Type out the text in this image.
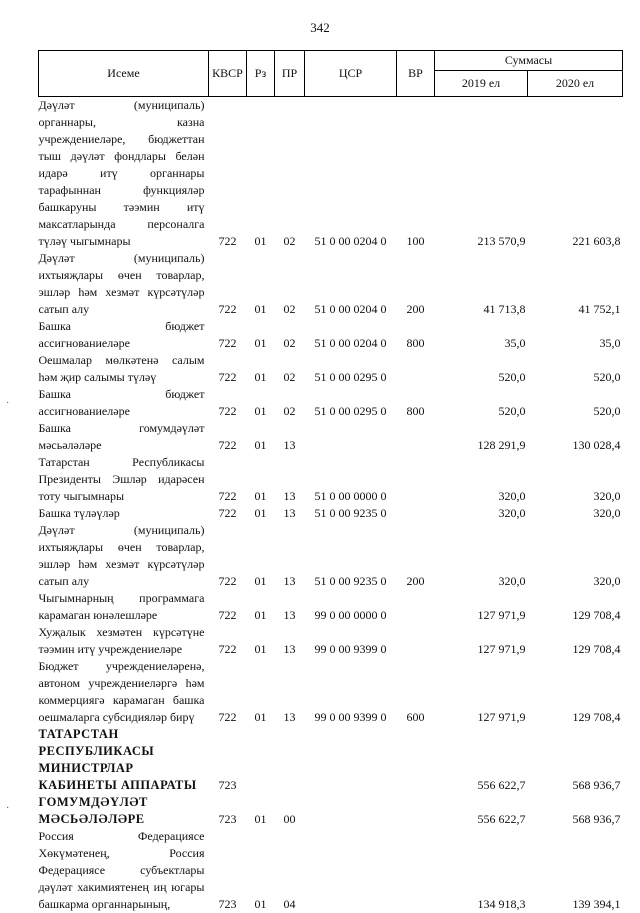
342
Исеме	КВСР	Рз	ПР	ЦСР	ВР	Суммасы	
						2019 ел	2020 ел
Дәүләт (муниципаль) органнары, казна учреждениеләре, бюджеттан тыш дәүләт фондлары белән идарә итү органнары тарафыннан функцияләр башкаруны тәэмин итү максатларында персоналга түләү чыгымнары	722	01	02	51 0 00 0204 0	100	213 570,9	221 603,8
Дәүләт (муниципаль) ихтыяҗлары өчен товарлар, эшләр һәм хезмәт күрсәтүләр сатып алу	722	01	02	51 0 00 0204 0	200	41 713,8	41 752,1
Башка бюджет ассигнованиеләре	722	01	02	51 0 00 0204 0	800	35,0	35,0
Оешмалар мөлкәтенә салым һәм җир салымы түләү	722	01	02	51 0 00 0295 0		520,0	520,0
Башка бюджет ассигнованиеләре	722	01	02	51 0 00 0295 0	800	520,0	520,0
Башка гомумдәүләт мәсьәләләре	722	01	13			128 291,9	130 028,4
Татарстан Республикасы Президенты Эшләр идарәсен тоту чыгымнары	722	01	13	51 0 00 0000 0		320,0	320,0
Башка түләүләр	722	01	13	51 0 00 9235 0		320,0	320,0
Дәүләт (муниципаль) ихтыяҗлары өчен товарлар, эшләр һәм хезмәт күрсәтүләр сатып алу	722	01	13	51 0 00 9235 0	200	320,0	320,0
Чыгымнарның программага карамаган юнәлешләре	722	01	13	99 0 00 0000 0		127 971,9	129 708,4
Хуҗалык хезмәтен күрсәтүне тәэмин итү учреждениеләре	722	01	13	99 0 00 9399 0		127 971,9	129 708,4
Бюджет учреждениеләренә, автоном учреждениеләргә һәм коммерциягә карамаган башка оешмаларга субсидияләр бирү	722	01	13	99 0 00 9399 0	600	127 971,9	129 708,4
ТАТАРСТАН РЕСПУБЛИКАСЫ МИНИСТРЛАР КАБИНЕТЫ АППАРАТЫ	723					556 622,7	568 936,7
ГОМУМДӘҮЛӘТ МӘСЬӘЛӘЛӘРЕ	723	01	00			556 622,7	568 936,7
Россия Федерациясе Хөкүмәтенең, Россия Федерациясе субъектлары дәүләт хакимиятенең иң югары башкарма органнарының,	723	01	04			134 918,3	139 394,1
·
·
